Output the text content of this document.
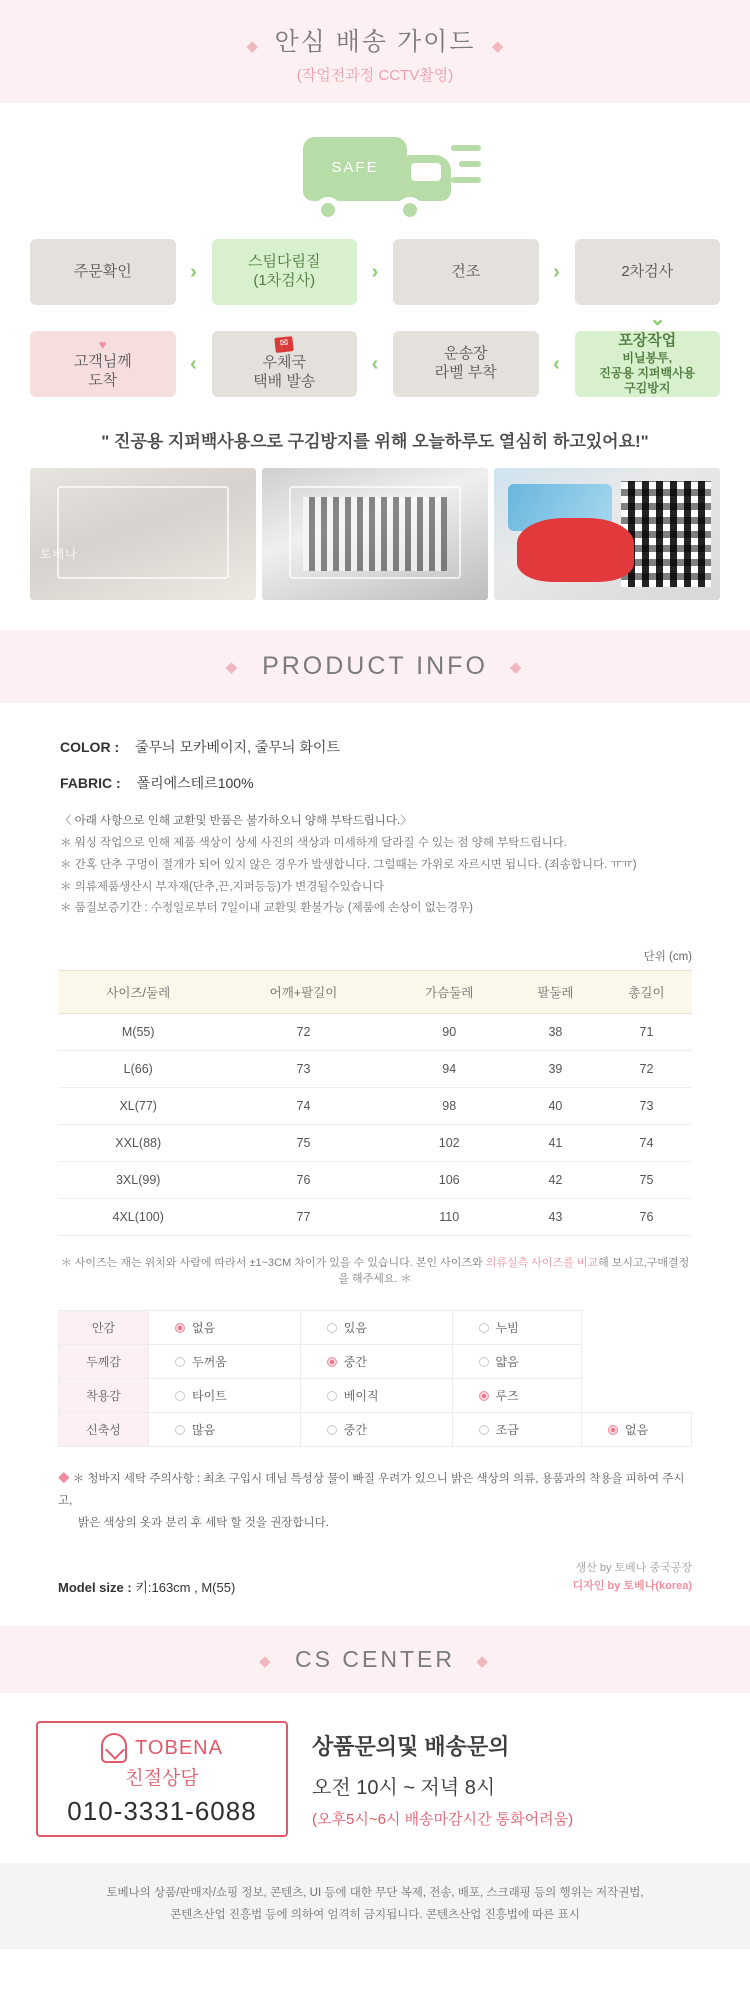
◆ 안심 배송 가이드 ◆
(작업전과정 CCTV촬영)
SAFE
주문확인	›	스팀다림질
(1차검사)	›	건조	›	2차검사
⌄
♥
고객님께
도착
‹
✉
우체국
택배 발송
‹	운송장
라벨 부착	‹
포장작업
비닐봉투,
진공용 지퍼백사용
구김방지
" 진공용 지퍼백사용으로 구김방지를 위해 오늘하루도 열심히 하고있어요!"
토베나
◆ PRODUCT INFO ◆
COLOR : 줄무늬 모카베이지, 줄무늬 화이트
FABRIC : 폴리에스테르100%
〈 아래 사항으로 인해 교환및 반품은 불가하오니 양해 부탁드립니다.〉
＊ 워싱 작업으로 인해 제품 색상이 상세 사진의 색상과 미세하게 달라질 수 있는 점 양해 부탁드립니다.
＊ 간혹 단추 구멍이 절개가 되어 있지 않은 경우가 발생합니다. 그럴때는 가위로 자르시면 됩니다. (죄송합니다. ㅠㅠ)
＊ 의류제품생산시 부자재(단추,끈,지퍼등등)가 변경될수있습니다
＊ 품질보증기간 : 수정일로부터 7일이내 교환및 환불가능 (제품에 손상이 없는경우)
단위 (cm)
사이즈/둘레	어깨+팔길이	가슴둘레	팔둘레	총길이
M(55)	72	90	38	71
L(66)	73	94	39	72
XL(77)	74	98	40	73
XXL(88)	75	102	41	74
3XL(99)	76	106	42	75
4XL(100)	77	110	43	76
＊ 사이즈는 재는 위치와 사람에 따라서 ±1~3CM 차이가 있을 수 있습니다. 본인 사이즈와 의류실측 사이즈를 비교해 보시고,구매결정을 해주세요. ＊
안감	없음	있음	누빔	

두께감	두꺼움	중간	얇음	

착용감	타이트	베이직	루즈	

신축성	많음	중간	조금	없음
◆ ＊ 청바지 세탁 주의사항 : 최초 구입시 데님 특성상 물이 빠질 우려가 있으니 밝은 색상의 의류, 용품과의 착용을 피하여 주시고,
밝은 색상의 옷과 분리 후 세탁 할 것을 권장합니다.
Model size : 키:163cm , M(55)
생산 by 토베나 중국공장
디자인 by 토베나(korea)
◆ CS CENTER ◆
TOBENA
친절상담
010-3331-6088
상품문의및 배송문의
오전 10시 ~ 저녁 8시
(오후5시~6시 배송마감시간 통화어려움)
토베나의 상품/판매자/쇼핑 정보, 콘텐츠, UI 등에 대한 무단 복제, 전송, 배포, 스크래핑 등의 행위는 저작권법,
콘텐츠산업 진흥법 등에 의하여 엄격히 금지됩니다. 콘텐츠산업 진흥법에 따른 표시
